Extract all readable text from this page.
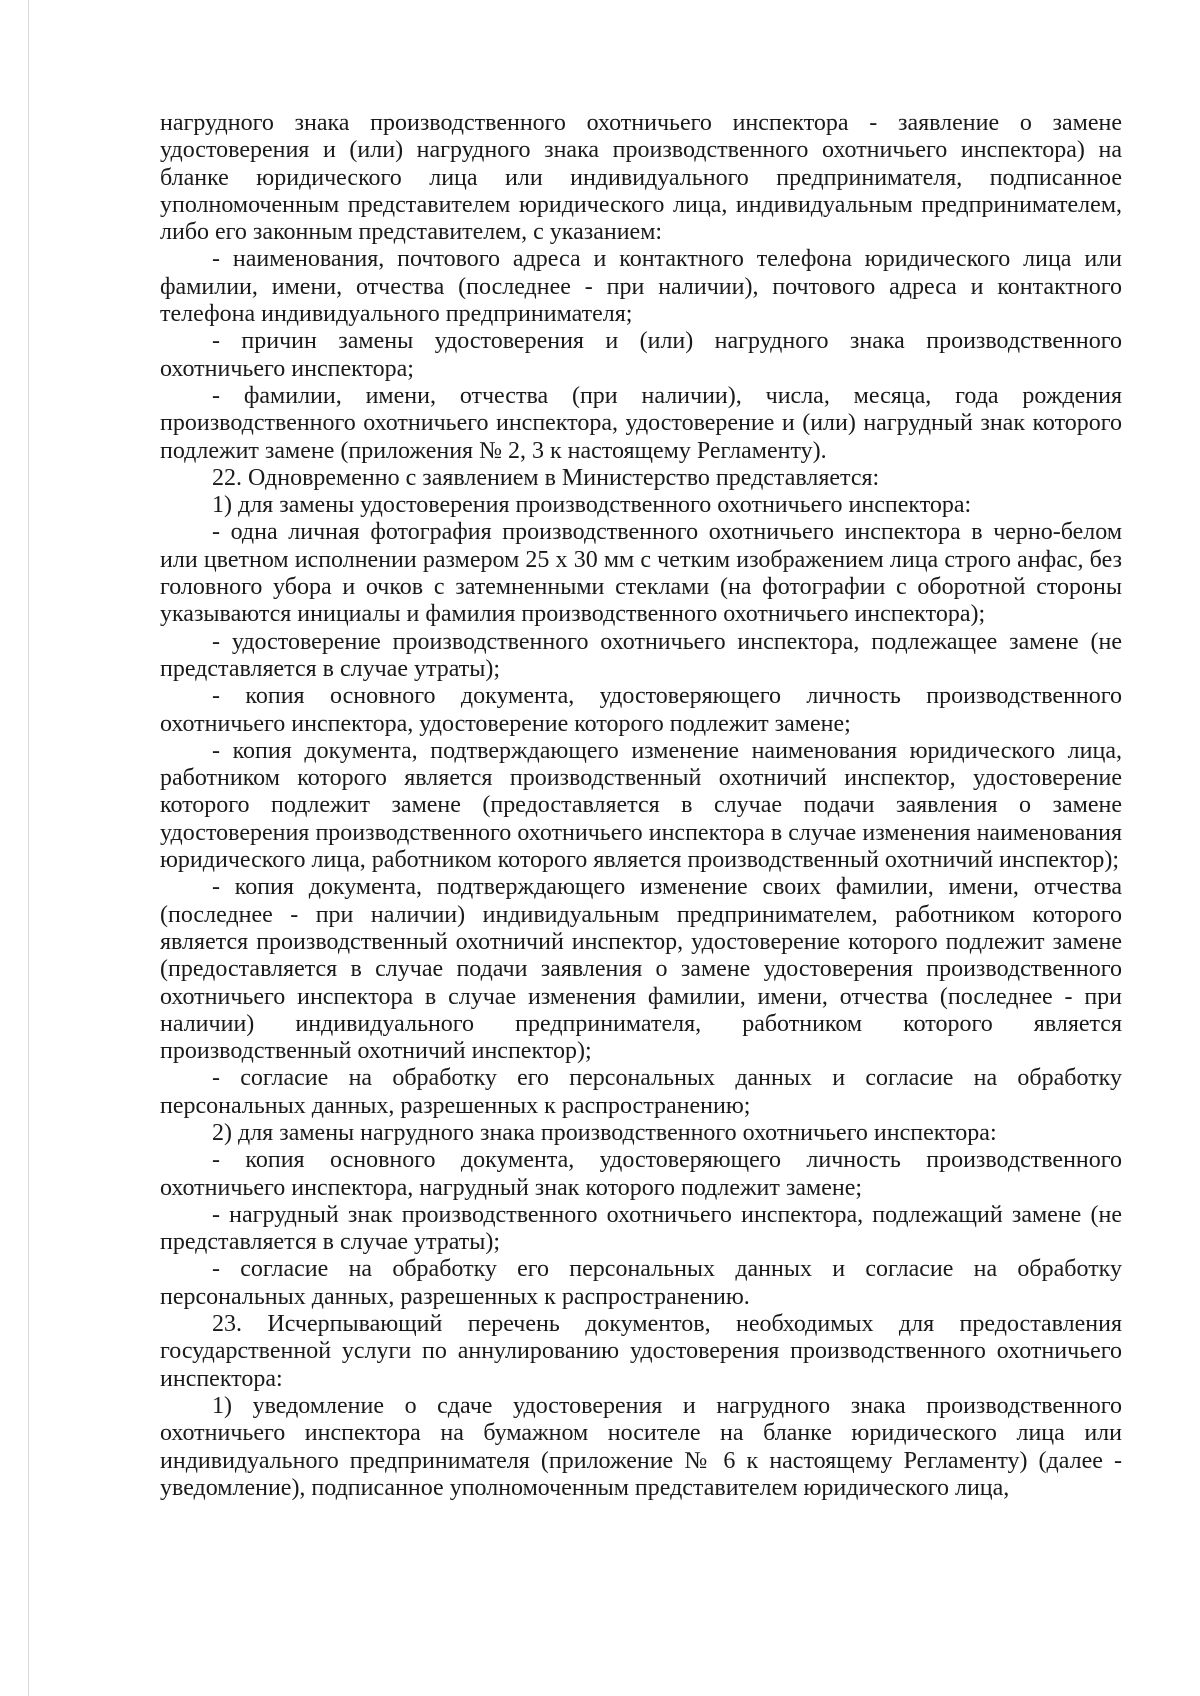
нагрудного знака производственного охотничьего инспектора - заявление о замене удостоверения и (или) нагрудного знака производственного охотничьего инспектора) на бланке юридического лица или индивидуального предпринимателя, подписанное уполномоченным представителем юридического лица, индивидуальным предпринимателем, либо его законным представителем, с указанием:

- наименования, почтового адреса и контактного телефона юридического лица или фамилии, имени, отчества (последнее - при наличии), почтового адреса и контактного телефона индивидуального предпринимателя;

- причин замены удостоверения и (или) нагрудного знака производственного охотничьего инспектора;

- фамилии, имени, отчества (при наличии), числа, месяца, года рождения производственного охотничьего инспектора, удостоверение и (или) нагрудный знак которого подлежит замене (приложения № 2, 3 к настоящему Регламенту).

22. Одновременно с заявлением в Министерство представляется:

1) для замены удостоверения производственного охотничьего инспектора:

- одна личная фотография производственного охотничьего инспектора в черно-белом или цветном исполнении размером 25 x 30 мм с четким изображением лица строго анфас, без головного убора и очков с затемненными стеклами (на фотографии с оборотной стороны указываются инициалы и фамилия производственного охотничьего инспектора);

- удостоверение производственного охотничьего инспектора, подлежащее замене (не представляется в случае утраты);

- копия основного документа, удостоверяющего личность производственного охотничьего инспектора, удостоверение которого подлежит замене;

- копия документа, подтверждающего изменение наименования юридического лица, работником которого является производственный охотничий инспектор, удостоверение которого подлежит замене (предоставляется в случае подачи заявления о замене удостоверения производственного охотничьего инспектора в случае изменения наименования юридического лица, работником которого является производственный охотничий инспектор);

- копия документа, подтверждающего изменение своих фамилии, имени, отчества (последнее - при наличии) индивидуальным предпринимателем, работником которого является производственный охотничий инспектор, удостоверение которого подлежит замене (предоставляется в случае подачи заявления о замене удостоверения производственного охотничьего инспектора в случае изменения фамилии, имени, отчества (последнее - при наличии) индивидуального предпринимателя, работником которого является производственный охотничий инспектор);

- согласие на обработку его персональных данных и согласие на обработку персональных данных, разрешенных к распространению;

2) для замены нагрудного знака производственного охотничьего инспектора:

- копия основного документа, удостоверяющего личность производственного охотничьего инспектора, нагрудный знак которого подлежит замене;

- нагрудный знак производственного охотничьего инспектора, подлежащий замене (не представляется в случае утраты);

- согласие на обработку его персональных данных и согласие на обработку персональных данных, разрешенных к распространению.

23. Исчерпывающий перечень документов, необходимых для предоставления государственной услуги по аннулированию удостоверения производственного охотничьего инспектора:

1) уведомление о сдаче удостоверения и нагрудного знака производственного охотничьего инспектора на бумажном носителе на бланке юридического лица или индивидуального предпринимателя (приложение № 6 к настоящему Регламенту) (далее - уведомление), подписанное уполномоченным представителем юридического лица,
